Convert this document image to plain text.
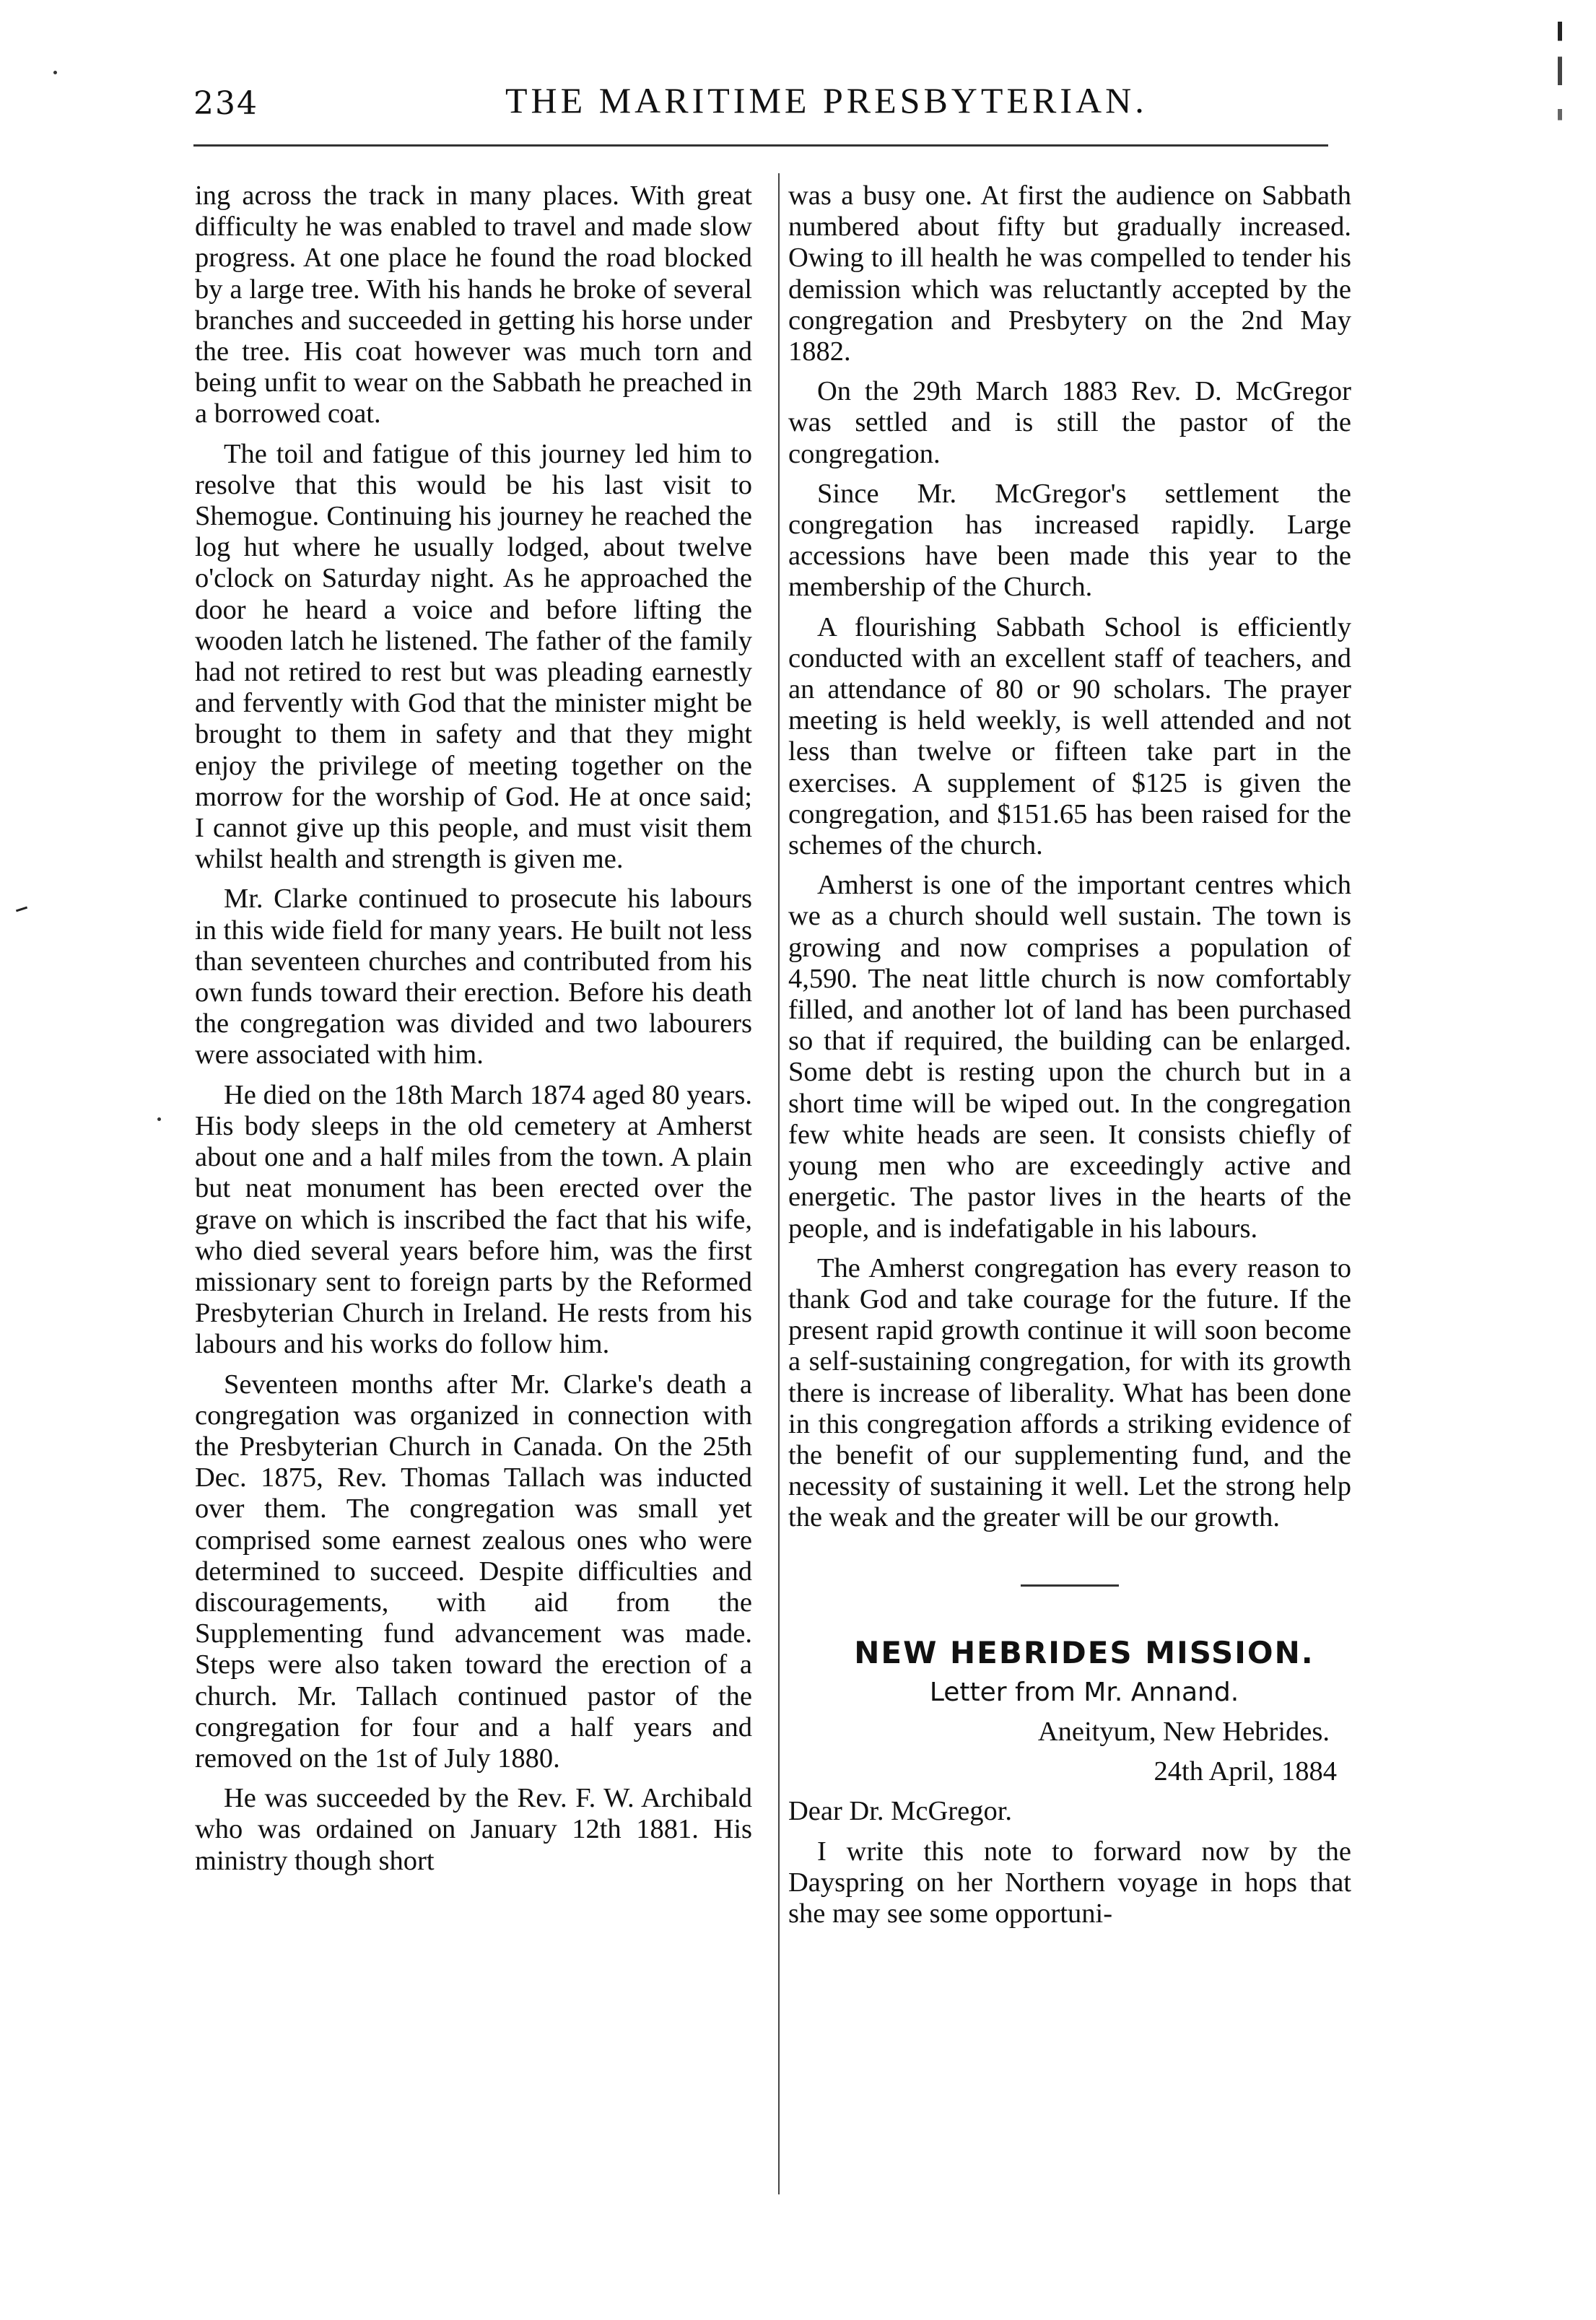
234	THE MARITIME PRESBYTERIAN.

ing across the track in many places. With great difficulty he was enabled to travel and made slow progress. At one place he found the road blocked by a large tree. With his hands he broke of several branches and succeeded in getting his horse under the tree. His coat however was much torn and being unfit to wear on the Sabbath he preached in a borrowed coat.

The toil and fatigue of this journey led him to resolve that this would be his last visit to Shemogue. Continuing his journey he reached the log hut where he usually lodged, about twelve o'clock on Saturday night. As he approached the door he heard a voice and before lifting the wooden latch he listened. The father of the family had not retired to rest but was pleading earnestly and fervently with God that the minister might be brought to them in safety and that they might enjoy the privilege of meeting together on the morrow for the worship of God. He at once said; I cannot give up this people, and must visit them whilst health and strength is given me.

Mr. Clarke continued to prosecute his labours in this wide field for many years. He built not less than seventeen churches and contributed from his own funds toward their erection. Before his death the congregation was divided and two labourers were associated with him.

He died on the 18th March 1874 aged 80 years. His body sleeps in the old cemetery at Amherst about one and a half miles from the town. A plain but neat monument has been erected over the grave on which is inscribed the fact that his wife, who died several years before him, was the first missionary sent to foreign parts by the Reformed Presbyterian Church in Ireland. He rests from his labours and his works do follow him.

Seventeen months after Mr. Clarke's death a congregation was organized in connection with the Presbyterian Church in Canada. On the 25th Dec. 1875, Rev. Thomas Tallach was inducted over them. The congregation was small yet comprised some earnest zealous ones who were determined to succeed. Despite difficulties and discouragements, with aid from the Supplementing fund advancement was made. Steps were also taken toward the erection of a church. Mr. Tallach continued pastor of the congregation for four and a half years and removed on the 1st of July 1880.

He was succeeded by the Rev. F. W. Archibald who was ordained on January 12th 1881. His ministry though short

was a busy one. At first the audience on Sabbath numbered about fifty but gradually increased. Owing to ill health he was compelled to tender his demission which was reluctantly accepted by the congregation and Presbytery on the 2nd May 1882.

On the 29th March 1883 Rev. D. McGregor was settled and is still the pastor of the congregation.

Since Mr. McGregor's settlement the congregation has increased rapidly. Large accessions have been made this year to the membership of the Church.

A flourishing Sabbath School is efficiently conducted with an excellent staff of teachers, and an attendance of 80 or 90 scholars. The prayer meeting is held weekly, is well attended and not less than twelve or fifteen take part in the exercises. A supplement of $125 is given the congregation, and $151.65 has been raised for the schemes of the church.

Amherst is one of the important centres which we as a church should well sustain. The town is growing and now comprises a population of 4,590. The neat little church is now comfortably filled, and another lot of land has been purchased so that if required, the building can be enlarged. Some debt is resting upon the church but in a short time will be wiped out. In the congregation few white heads are seen. It consists chiefly of young men who are exceedingly active and energetic. The pastor lives in the hearts of the people, and is indefatigable in his labours.

The Amherst congregation has every reason to thank God and take courage for the future. If the present rapid growth continue it will soon become a self-sustaining congregation, for with its growth there is increase of liberality. What has been done in this congregation affords a striking evidence of the benefit of our supplementing fund, and the necessity of sustaining it well. Let the strong help the weak and the greater will be our growth.

NEW HEBRIDES MISSION.

Letter from Mr. Annand.

Aneityum, New Hebrides.

24th April, 1884

Dear Dr. McGregor.

I write this note to forward now by the Dayspring on her Northern voyage in hops that she may see some opportuni-
